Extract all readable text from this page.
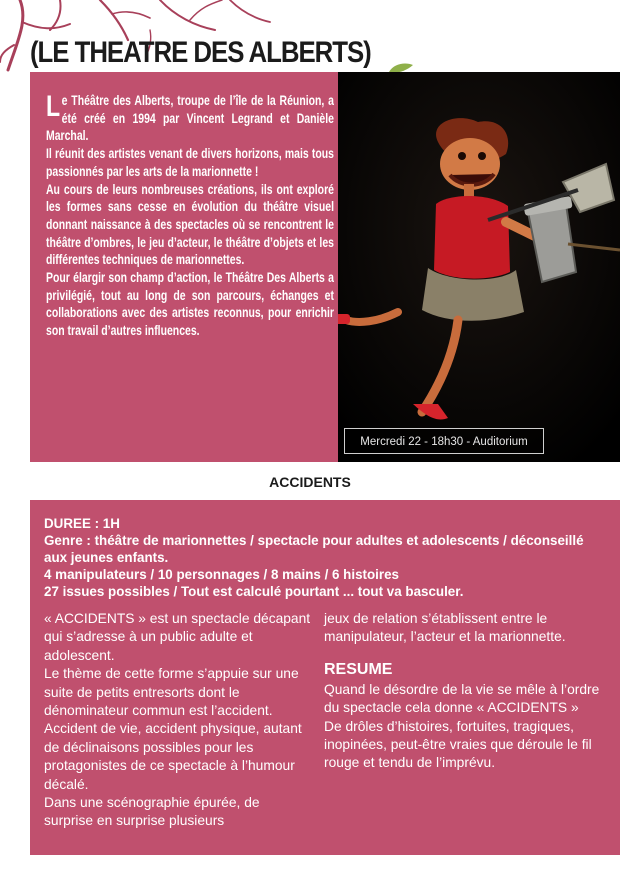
(LE THEATRE DES ALBERTS)

Le Théâtre des Alberts, troupe de l’île de la Réunion, a été créé en 1994 par Vincent Legrand et Danièle Marchal.

Il réunit des artistes venant de divers horizons, mais tous passionnés par les arts de la marionnette !

Au cours de leurs nombreuses créations, ils ont exploré les formes sans cesse en évolution du théâtre visuel donnant naissance à des spectacles où se rencontrent le théâtre d’ombres, le jeu d’acteur, le théâtre d’objets et les différentes techniques de marionnettes.

Pour élargir son champ d’action, le Théâtre Des Alberts a privilégié, tout au long de son parcours, échanges et collaborations avec des artistes reconnus, pour enrichir son travail d’autres influences.

Mercredi 22 - 18h30 - Auditorium
ACCIDENTS

DUREE : 1H

Genre : théâtre de marionnettes / spectacle pour adultes et adolescents / déconseillé aux jeunes enfants.

4 manipulateurs / 10 personnages / 8 mains / 6 histoires

27 issues possibles / Tout est calculé pourtant ... tout va basculer.

« ACCIDENTS » est un spectacle décapant qui s’adresse à un public adulte et adolescent.

Le thème de cette forme s’appuie sur une suite de petits entresorts dont le dénominateur commun est l’accident. Accident de vie, accident physique, autant de déclinaisons possibles pour les protagonistes de ce spectacle à l’humour décalé.

Dans une scénographie épurée, de surprise en surprise plusieurs

jeux de relation s’établissent entre le manipulateur, l’acteur et la marionnette.

RESUME

Quand le désordre de la vie se mêle à l’ordre du spectacle cela donne « ACCIDENTS »

De drôles d’histoires, fortuites, tragiques, inopinées, peut-être vraies que déroule le fil rouge et tendu de l’imprévu.
